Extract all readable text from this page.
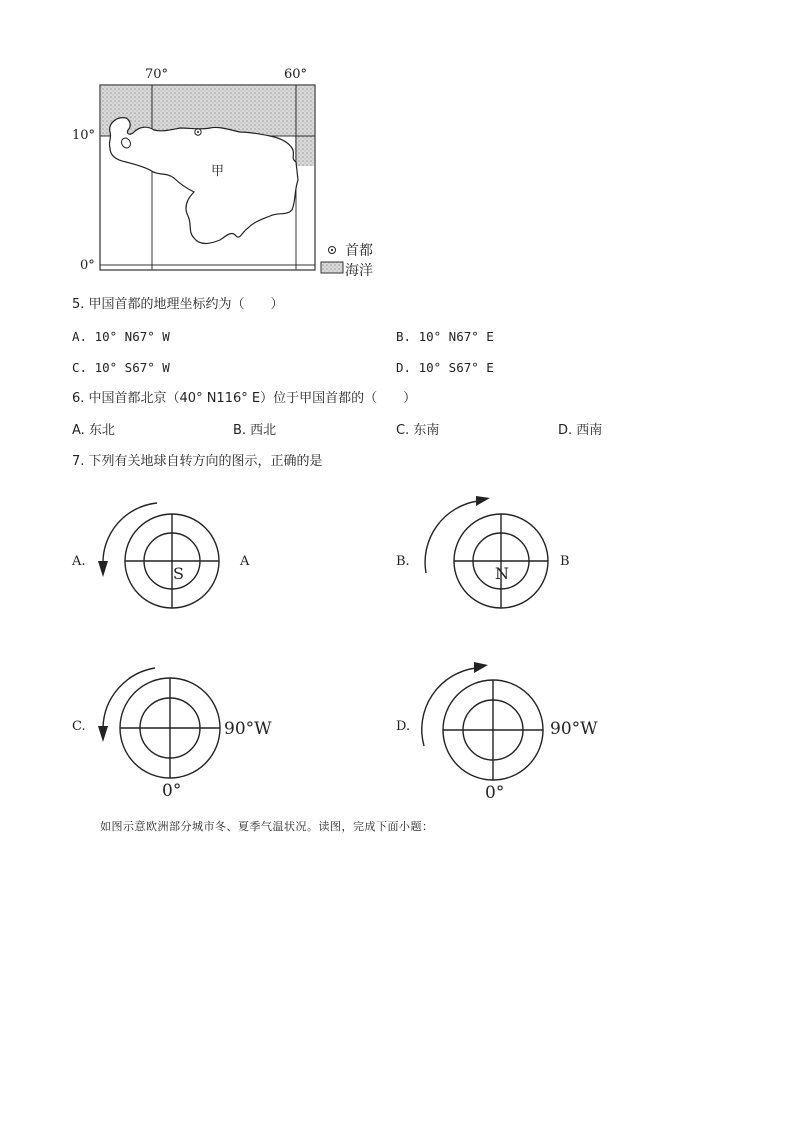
70°	60°
10°
0°
甲
首都
海洋
5. 甲国首都的地理坐标约为（　　）
A. 10° N67° W	B. 10° N67° E
C. 10° S67° W	D. 10° S67° E
6. 中国首都北京（40° N116° E）位于甲国首都的（　　）
A. 东北	B. 西北	C. 东南	D. 西南
7. 下列有关地球自转方向的图示，正确的是
A.	A
S
B.	B
N
C.	90°W
0°
D.	90°W
0°
如图示意欧洲部分城市冬、夏季气温状况。读图，完成下面小题：
